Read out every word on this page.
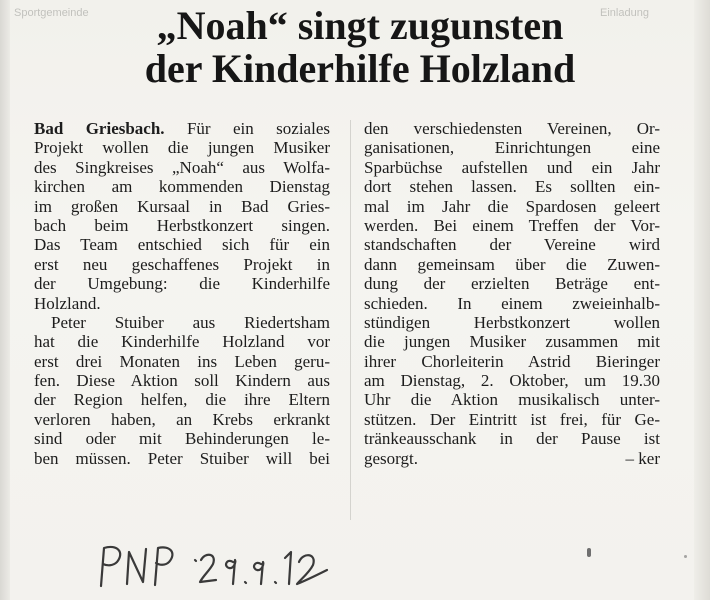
Sportgemeinde	Einladung
„Noah“ singt zugunsten
der Kinderhilfe Holzland
Bad Griesbach. Für ein soziales
Projekt wollen die jungen Musiker
des Singkreises „Noah“ aus Wolfa-
kirchen am kommenden Dienstag
im großen Kursaal in Bad Gries-
bach beim Herbstkonzert singen.
Das Team entschied sich für ein
erst neu geschaffenes Projekt in
der Umgebung: die Kinderhilfe
Holzland.
Peter Stuiber aus Riedertsham
hat die Kinderhilfe Holzland vor
erst drei Monaten ins Leben geru-
fen. Diese Aktion soll Kindern aus
der Region helfen, die ihre Eltern
verloren haben, an Krebs erkrankt
sind oder mit Behinderungen le-
ben müssen. Peter Stuiber will bei
den verschiedensten Vereinen, Or-
ganisationen, Einrichtungen eine
Sparbüchse aufstellen und ein Jahr
dort stehen lassen. Es sollten ein-
mal im Jahr die Spardosen geleert
werden. Bei einem Treffen der Vor-
standschaften der Vereine wird
dann gemeinsam über die Zuwen-
dung der erzielten Beträge ent-
schieden. In einem zweieinhalb-
stündigen Herbstkonzert wollen
die jungen Musiker zusammen mit
ihrer Chorleiterin Astrid Bieringer
am Dienstag, 2. Oktober, um 19.30
Uhr die Aktion musikalisch unter-
stützen. Der Eintritt ist frei, für Ge-
tränkeausschank in der Pause ist
gesorgt.	– ker
